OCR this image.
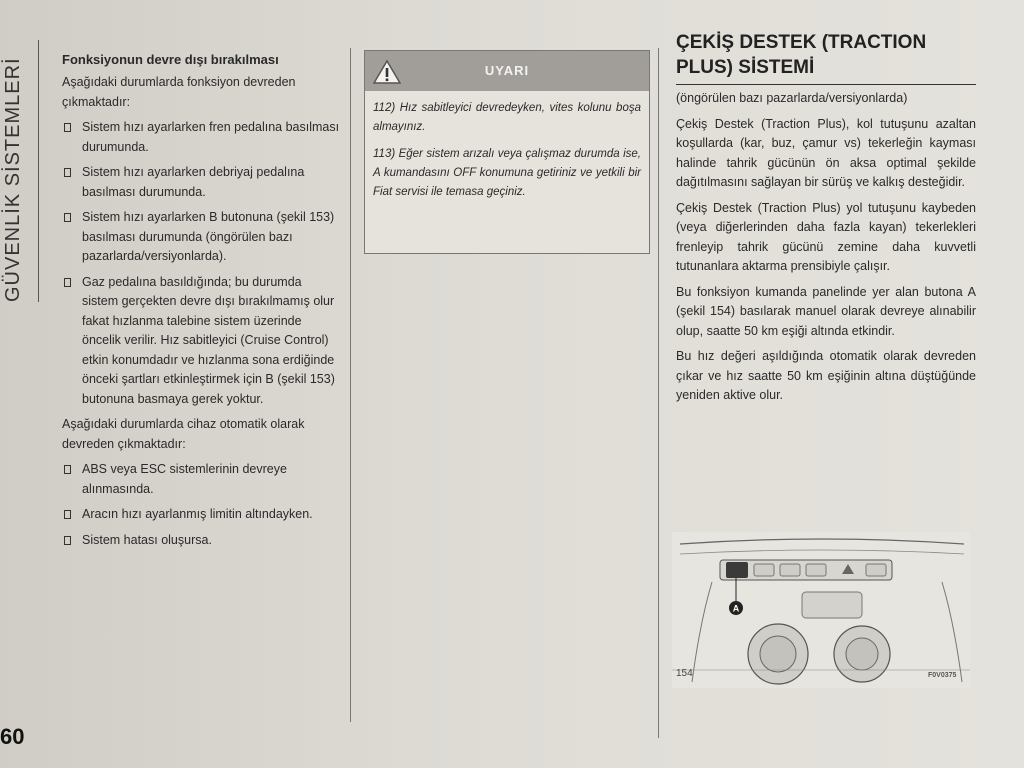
GÜVENLİK SİSTEMLERİ
60
Fonksiyonun devre dışı bırakılması
Aşağıdaki durumlarda fonksiyon devreden çıkmaktadır:
Sistem hızı ayarlarken fren pedalına basılması durumunda.
Sistem hızı ayarlarken debriyaj pedalına basılması durumunda.
Sistem hızı ayarlarken B butonuna (şekil 153) basılması durumunda (öngörülen bazı pazarlarda/versiyonlarda).
Gaz pedalına basıldığında; bu durumda sistem gerçekten devre dışı bırakılmamış olur fakat hızlanma talebine sistem üzerinde öncelik verilir. Hız sabitleyici (Cruise Control) etkin konumdadır ve hızlanma sona erdiğinde önceki şartları etkinleştirmek için B (şekil 153) butonuna basmaya gerek yoktur.
Aşağıdaki durumlarda cihaz otomatik olarak devreden çıkmaktadır:
ABS veya ESC sistemlerinin devreye alınmasında.
Aracın hızı ayarlanmış limitin altındayken.
Sistem hatası oluşursa.
UYARI

112) Hız sabitleyici devredeyken, vites kolunu boşa almayınız.

113) Eğer sistem arızalı veya çalışmaz durumda ise, A kumandasını OFF konumuna getiriniz ve yetkili bir Fiat servisi ile temasa geçiniz.

ÇEKİŞ DESTEK (TRACTION PLUS) SİSTEMİ

(öngörülen bazı pazarlarda/versiyonlarda)

Çekiş Destek (Traction Plus), kol tutuşunu azaltan koşullarda (kar, buz, çamur vs) tekerleğin kayması halinde tahrik gücünün ön aksa optimal şekilde dağıtılmasını sağlayan bir sürüş ve kalkış desteğidir.

Çekiş Destek (Traction Plus) yol tutuşunu kaybeden (veya diğerlerinden daha fazla kayan) tekerlekleri frenleyip tahrik gücünü zemine daha kuvvetli tutunanlara aktarma prensibiyle çalışır.

Bu fonksiyon kumanda panelinde yer alan butona A (şekil 154) basılarak manuel olarak devreye alınabilir olup, saatte 50 km eşiği altında etkindir.

Bu hız değeri aşıldığında otomatik olarak devreden çıkar ve hız saatte 50 km eşiğinin altına düştüğünde yeniden aktive olur.

A
154	F0V0375
